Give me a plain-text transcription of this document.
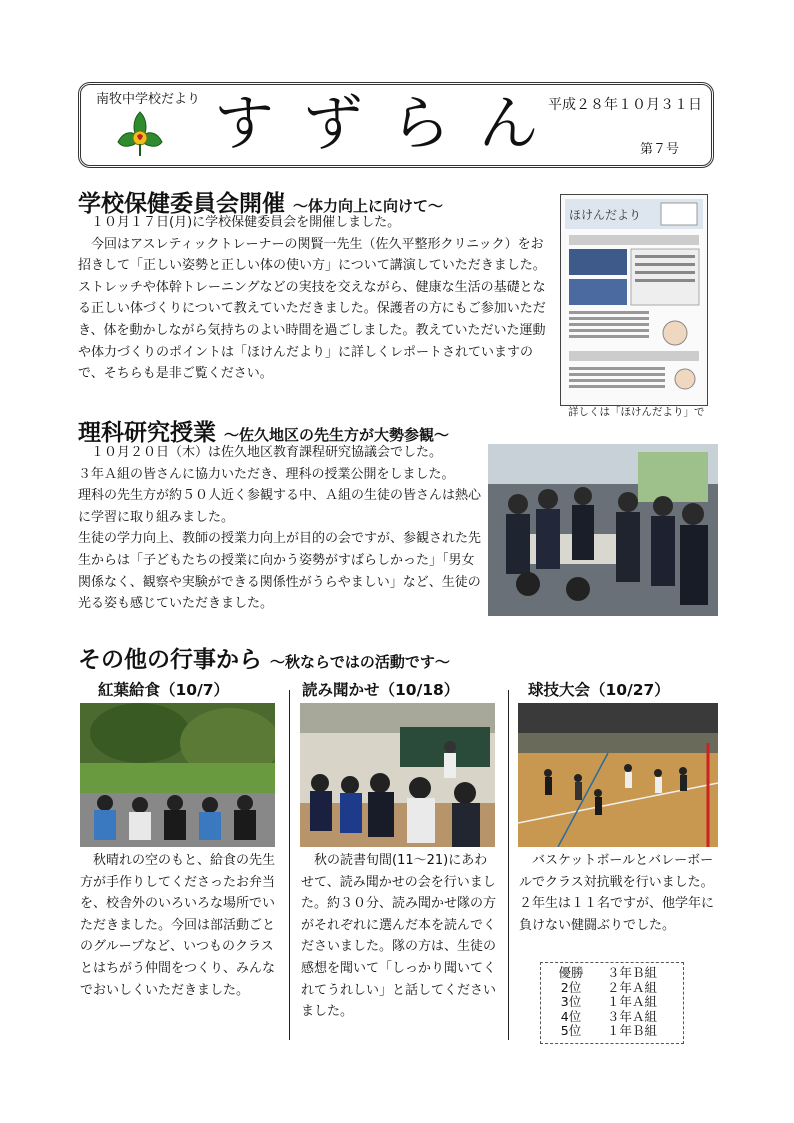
南牧中学校だより すずらん
平成２８年１０月３１日
第７号
学校保健委員会開催 ～体力向上に向けて～

　１０月１７日(月)に学校保健委員会を開催しました。

　今回はアスレティックトレーナーの関賢一先生（佐久平整形クリニック）をお招きして「正しい姿勢と正しい体の使い方」について講演していただきました。ストレッチや体幹トレーニングなどの実技を交えながら、健康な生活の基礎となる正しい体づくりについて教えていただきました。保護者の方にもご参加いただき、体を動かしながら気持ちのよい時間を過ごしました。教えていただいた運動や体力づくりのポイントは「ほけんだより」に詳しくレポートされていますので、そちらも是非ご覧ください。

ほけんだより
詳しくは「ほけんだより」で
理科研究授業 ～佐久地区の先生方が大勢参観～

　１０月２０日（木）は佐久地区教育課程研究協議会でした。

３年Ａ組の皆さんに協力いただき、理科の授業公開をしました。

理科の先生方が約５０人近く参観する中、Ａ組の生徒の皆さんは熱心に学習に取り組みました。

生徒の学力向上、教師の授業力向上が目的の会ですが、参観された先生からは「子どもたちの授業に向かう姿勢がすばらしかった」「男女関係なく、観察や実験ができる関係性がうらやましい」など、生徒の光る姿も感じていただきました。

その他の行事から ～秋ならではの活動です～
紅葉給食（10/7）	読み聞かせ（10/18）	球技大会（10/27）
　秋晴れの空のもと、給食の先生方が手作りしてくださったお弁当を、校舎外のいろいろな場所でいただきました。今回は部活動ごとのグループなど、いつものクラスとはちがう仲間をつくり、みんなでおいしくいただきました。
　秋の読書旬間(11～21)にあわせて、読み聞かせの会を行いました。約３０分、読み聞かせ隊の方がそれぞれに選んだ本を読んでくださいました。隊の方は、生徒の感想を聞いて「しっかり聞いてくれてうれしい」と話してくださいました。
　バスケットボールとバレーボールでクラス対抗戦を行いました。２年生は１１名ですが、他学年に負けない健闘ぶりでした。
優勝	３年Ｂ組
2位	２年Ａ組
3位	１年Ａ組
4位	３年Ａ組
5位	１年Ｂ組
